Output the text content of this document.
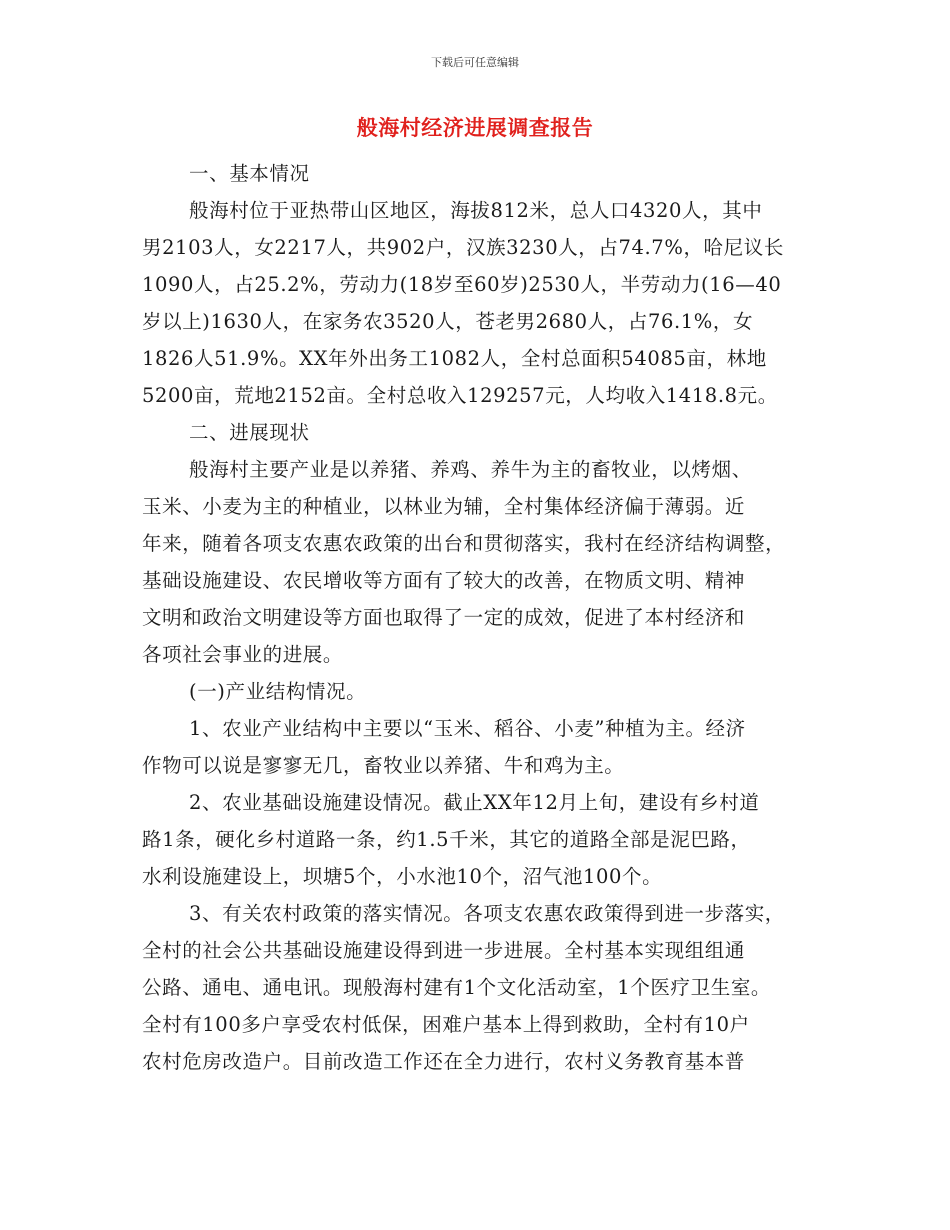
下载后可任意编辑
般海村经济进展调查报告
一、基本情况
般海村位于亚热带山区地区，海拔812米，总人口4320人，其中
男2103人，女2217人，共902户，汉族3230人，占74.7%，哈尼议长
1090人，占25.2%，劳动力(18岁至60岁)2530人，半劳动力(16—40
岁以上)1630人，在家务农3520人，苍老男2680人，占76.1%，女
1826人51.9%。XX年外出务工1082人，全村总面积54085亩，林地
5200亩，荒地2152亩。全村总收入129257元，人均收入1418.8元。
二、进展现状
般海村主要产业是以养猪、养鸡、养牛为主的畜牧业，以烤烟、
玉米、小麦为主的种植业，以林业为辅，全村集体经济偏于薄弱。近
年来，随着各项支农惠农政策的出台和贯彻落实，我村在经济结构调整，
基础设施建设、农民增收等方面有了较大的改善，在物质文明、精神
文明和政治文明建设等方面也取得了一定的成效，促进了本村经济和
各项社会事业的进展。
(一)产业结构情况。
1、农业产业结构中主要以“玉米、稻谷、小麦”种植为主。经济
作物可以说是寥寥无几，畜牧业以养猪、牛和鸡为主。
2、农业基础设施建设情况。截止XX年12月上旬，建设有乡村道
路1条，硬化乡村道路一条，约1.5千米，其它的道路全部是泥巴路，
水利设施建设上，坝塘5个，小水池10个，沼气池100个。
3、有关农村政策的落实情况。各项支农惠农政策得到进一步落实，
全村的社会公共基础设施建设得到进一步进展。全村基本实现组组通
公路、通电、通电讯。现般海村建有1个文化活动室，1个医疗卫生室。
全村有100多户享受农村低保，困难户基本上得到救助，全村有10户
农村危房改造户。目前改造工作还在全力进行，农村义务教育基本普
